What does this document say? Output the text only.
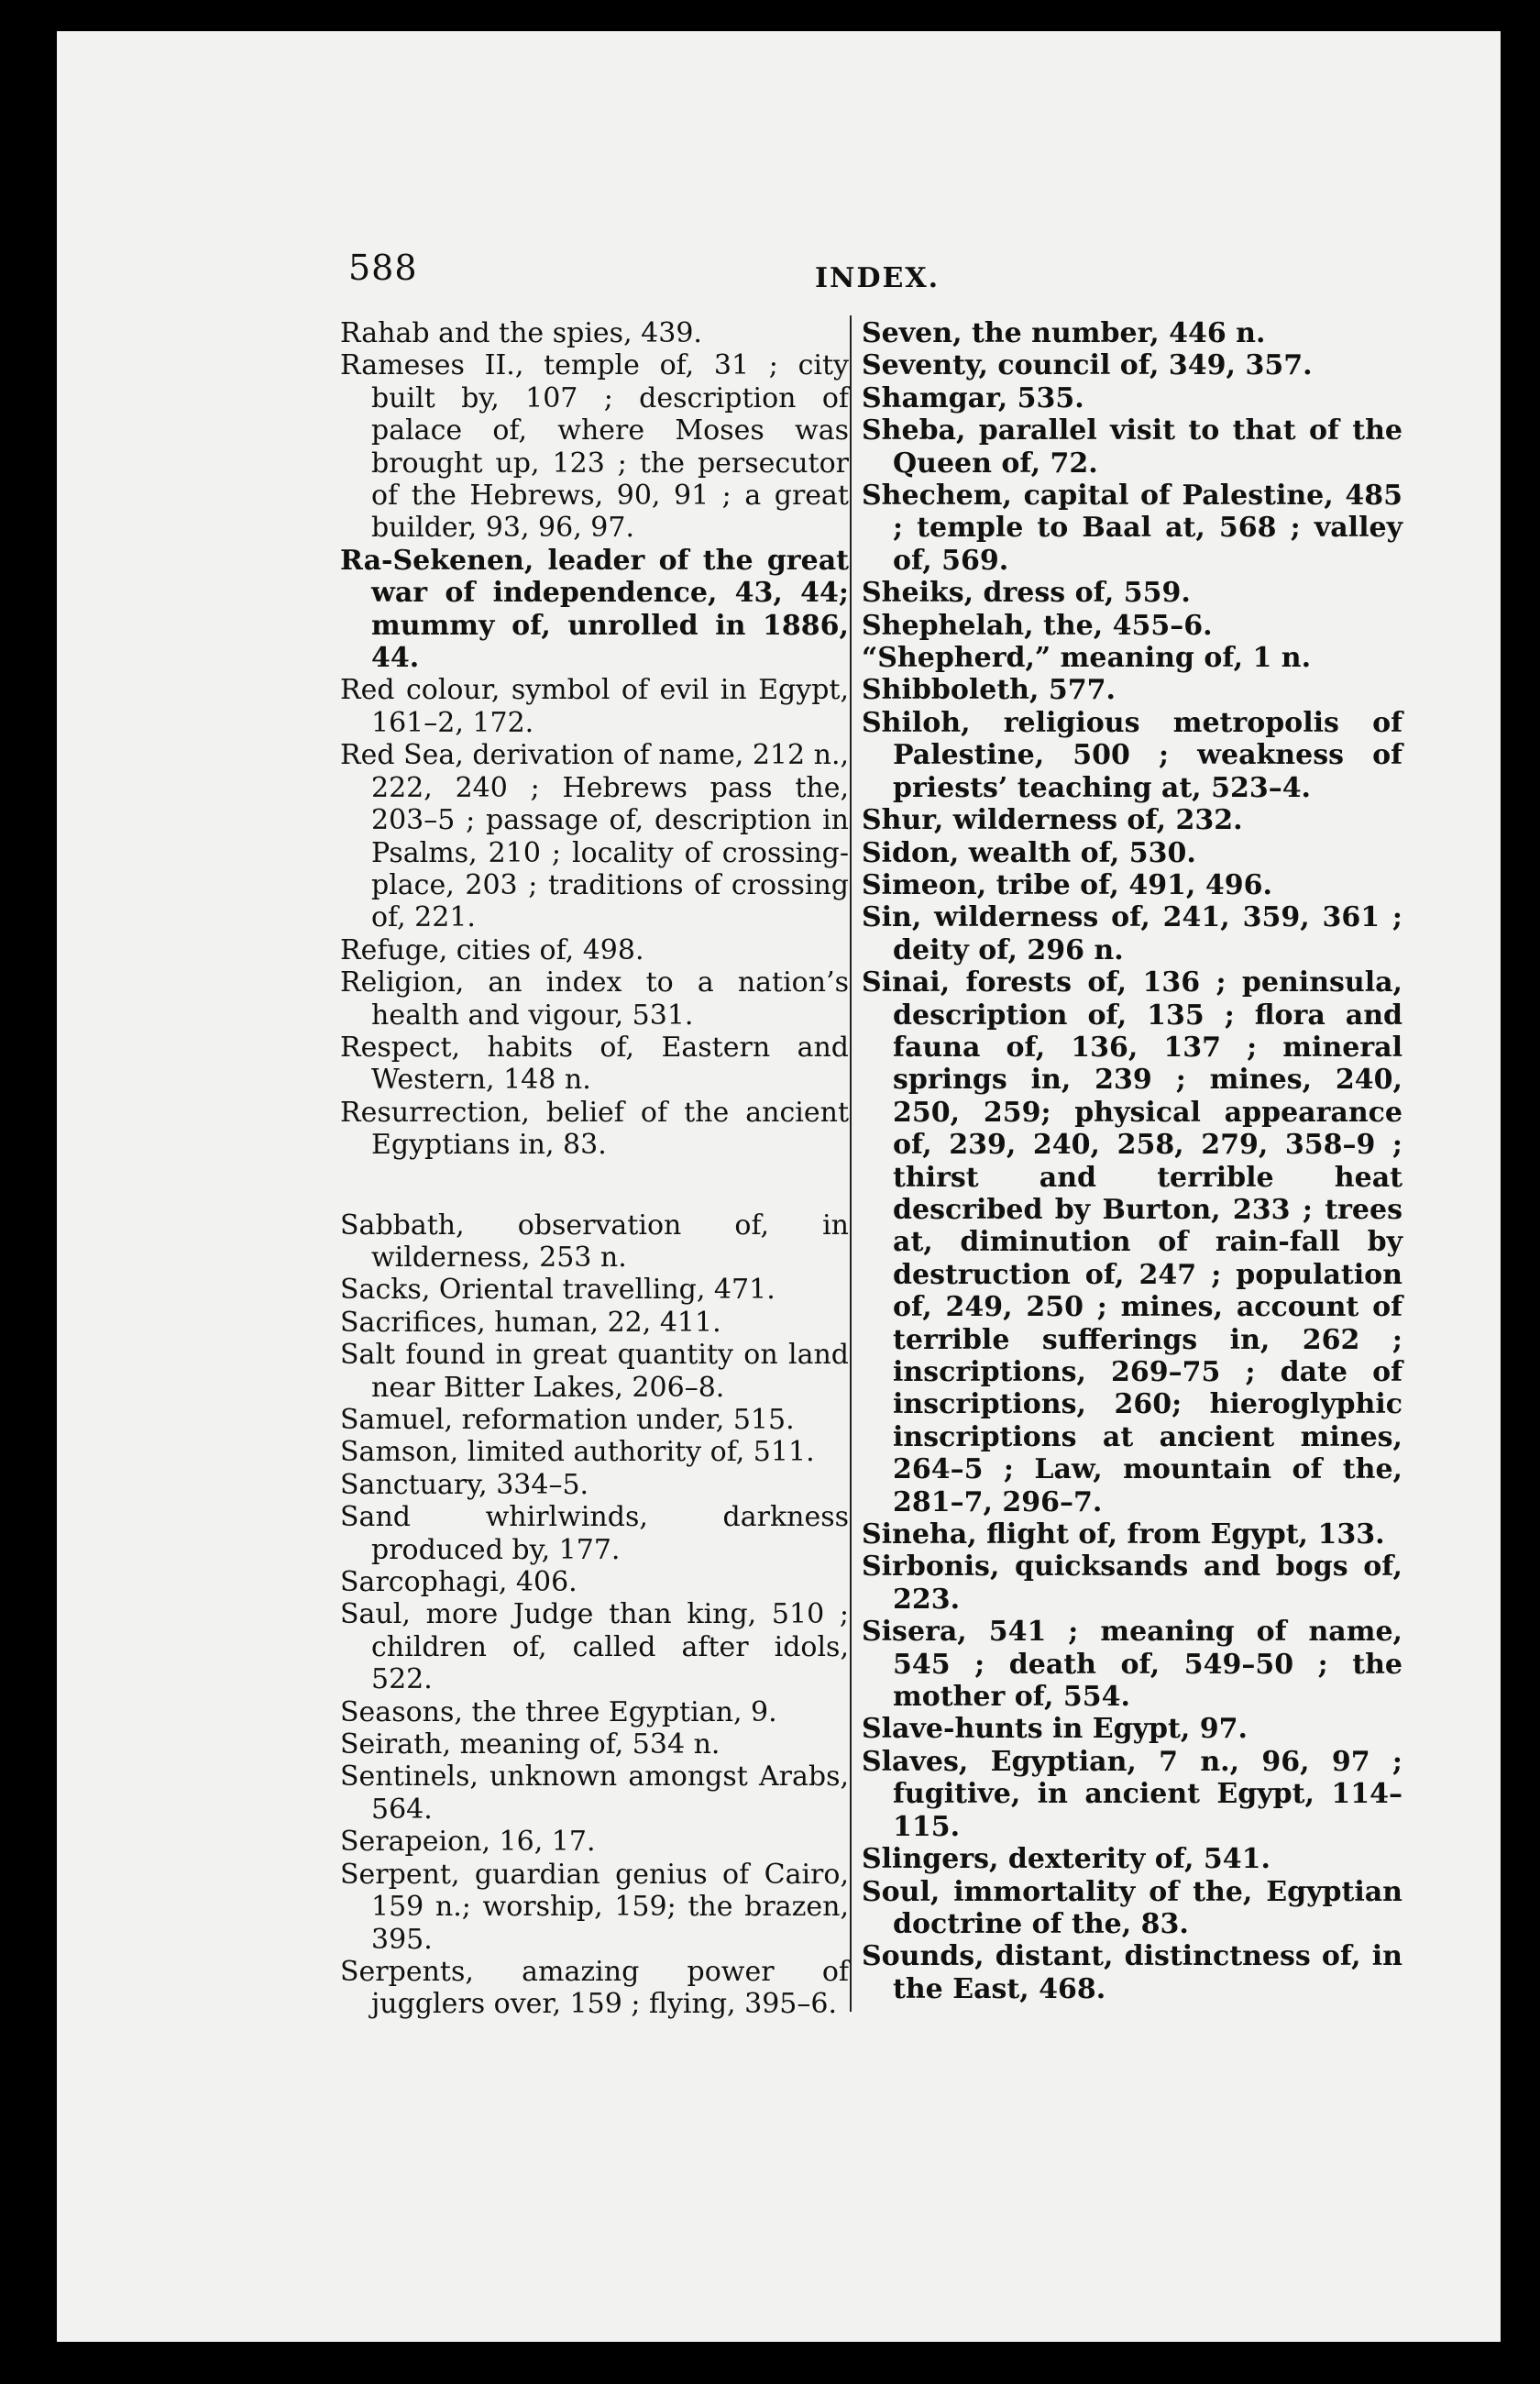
588	INDEX.

Rahab and the spies, 439.

Rameses II., temple of, 31 ; city built by, 107 ; description of palace of, where Moses was brought up, 123 ; the persecutor of the Hebrews, 90, 91 ; a great builder, 93, 96, 97.

Ra-Sekenen, leader of the great war of independence, 43, 44; mummy of, unrolled in 1886, 44.

Red colour, symbol of evil in Egypt, 161–2, 172.

Red Sea, derivation of name, 212 n., 222, 240 ; Hebrews pass the, 203–5 ; passage of, description in Psalms, 210 ; locality of crossing-place, 203 ; traditions of crossing of, 221.

Refuge, cities of, 498.

Religion, an index to a nation’s health and vigour, 531.

Respect, habits of, Eastern and Western, 148 n.

Resurrection, belief of the ancient Egyptians in, 83.

Sabbath, observation of, in wilderness, 253 n.

Sacks, Oriental travelling, 471.

Sacrifices, human, 22, 411.

Salt found in great quantity on land near Bitter Lakes, 206–8.

Samuel, reformation under, 515.

Samson, limited authority of, 511.

Sanctuary, 334–5.

Sand whirlwinds, darkness produced by, 177.

Sarcophagi, 406.

Saul, more Judge than king, 510 ; children of, called after idols, 522.

Seasons, the three Egyptian, 9.

Seirath, meaning of, 534 n.

Sentinels, unknown amongst Arabs, 564.

Serapeion, 16, 17.

Serpent, guardian genius of Cairo, 159 n.; worship, 159; the brazen, 395.

Serpents, amazing power of jugglers over, 159 ; flying, 395–6.

Seven, the number, 446 n.

Seventy, council of, 349, 357.

Shamgar, 535.

Sheba, parallel visit to that of the Queen of, 72.

Shechem, capital of Palestine, 485 ; temple to Baal at, 568 ; valley of, 569.

Sheiks, dress of, 559.

Shephelah, the, 455–6.

“Shepherd,” meaning of, 1 n.

Shibboleth, 577.

Shiloh, religious metropolis of Palestine, 500 ; weakness of priests’ teaching at, 523–4.

Shur, wilderness of, 232.

Sidon, wealth of, 530.

Simeon, tribe of, 491, 496.

Sin, wilderness of, 241, 359, 361 ; deity of, 296 n.

Sinai, forests of, 136 ; peninsula, description of, 135 ; flora and fauna of, 136, 137 ; mineral springs in, 239 ; mines, 240, 250, 259; physical appearance of, 239, 240, 258, 279, 358–9 ; thirst and terrible heat described by Burton, 233 ; trees at, diminution of rain-fall by destruction of, 247 ; population of, 249, 250 ; mines, account of terrible sufferings in, 262 ; inscriptions, 269–75 ; date of inscriptions, 260; hieroglyphic inscriptions at ancient mines, 264–5 ; Law, mountain of the, 281–7, 296–7.

Sineha, flight of, from Egypt, 133.

Sirbonis, quicksands and bogs of, 223.

Sisera, 541 ; meaning of name, 545 ; death of, 549–50 ; the mother of, 554.

Slave-hunts in Egypt, 97.

Slaves, Egyptian, 7 n., 96, 97 ; fugitive, in ancient Egypt, 114–115.

Slingers, dexterity of, 541.

Soul, immortality of the, Egyptian doctrine of the, 83.

Sounds, distant, distinctness of, in the East, 468.
